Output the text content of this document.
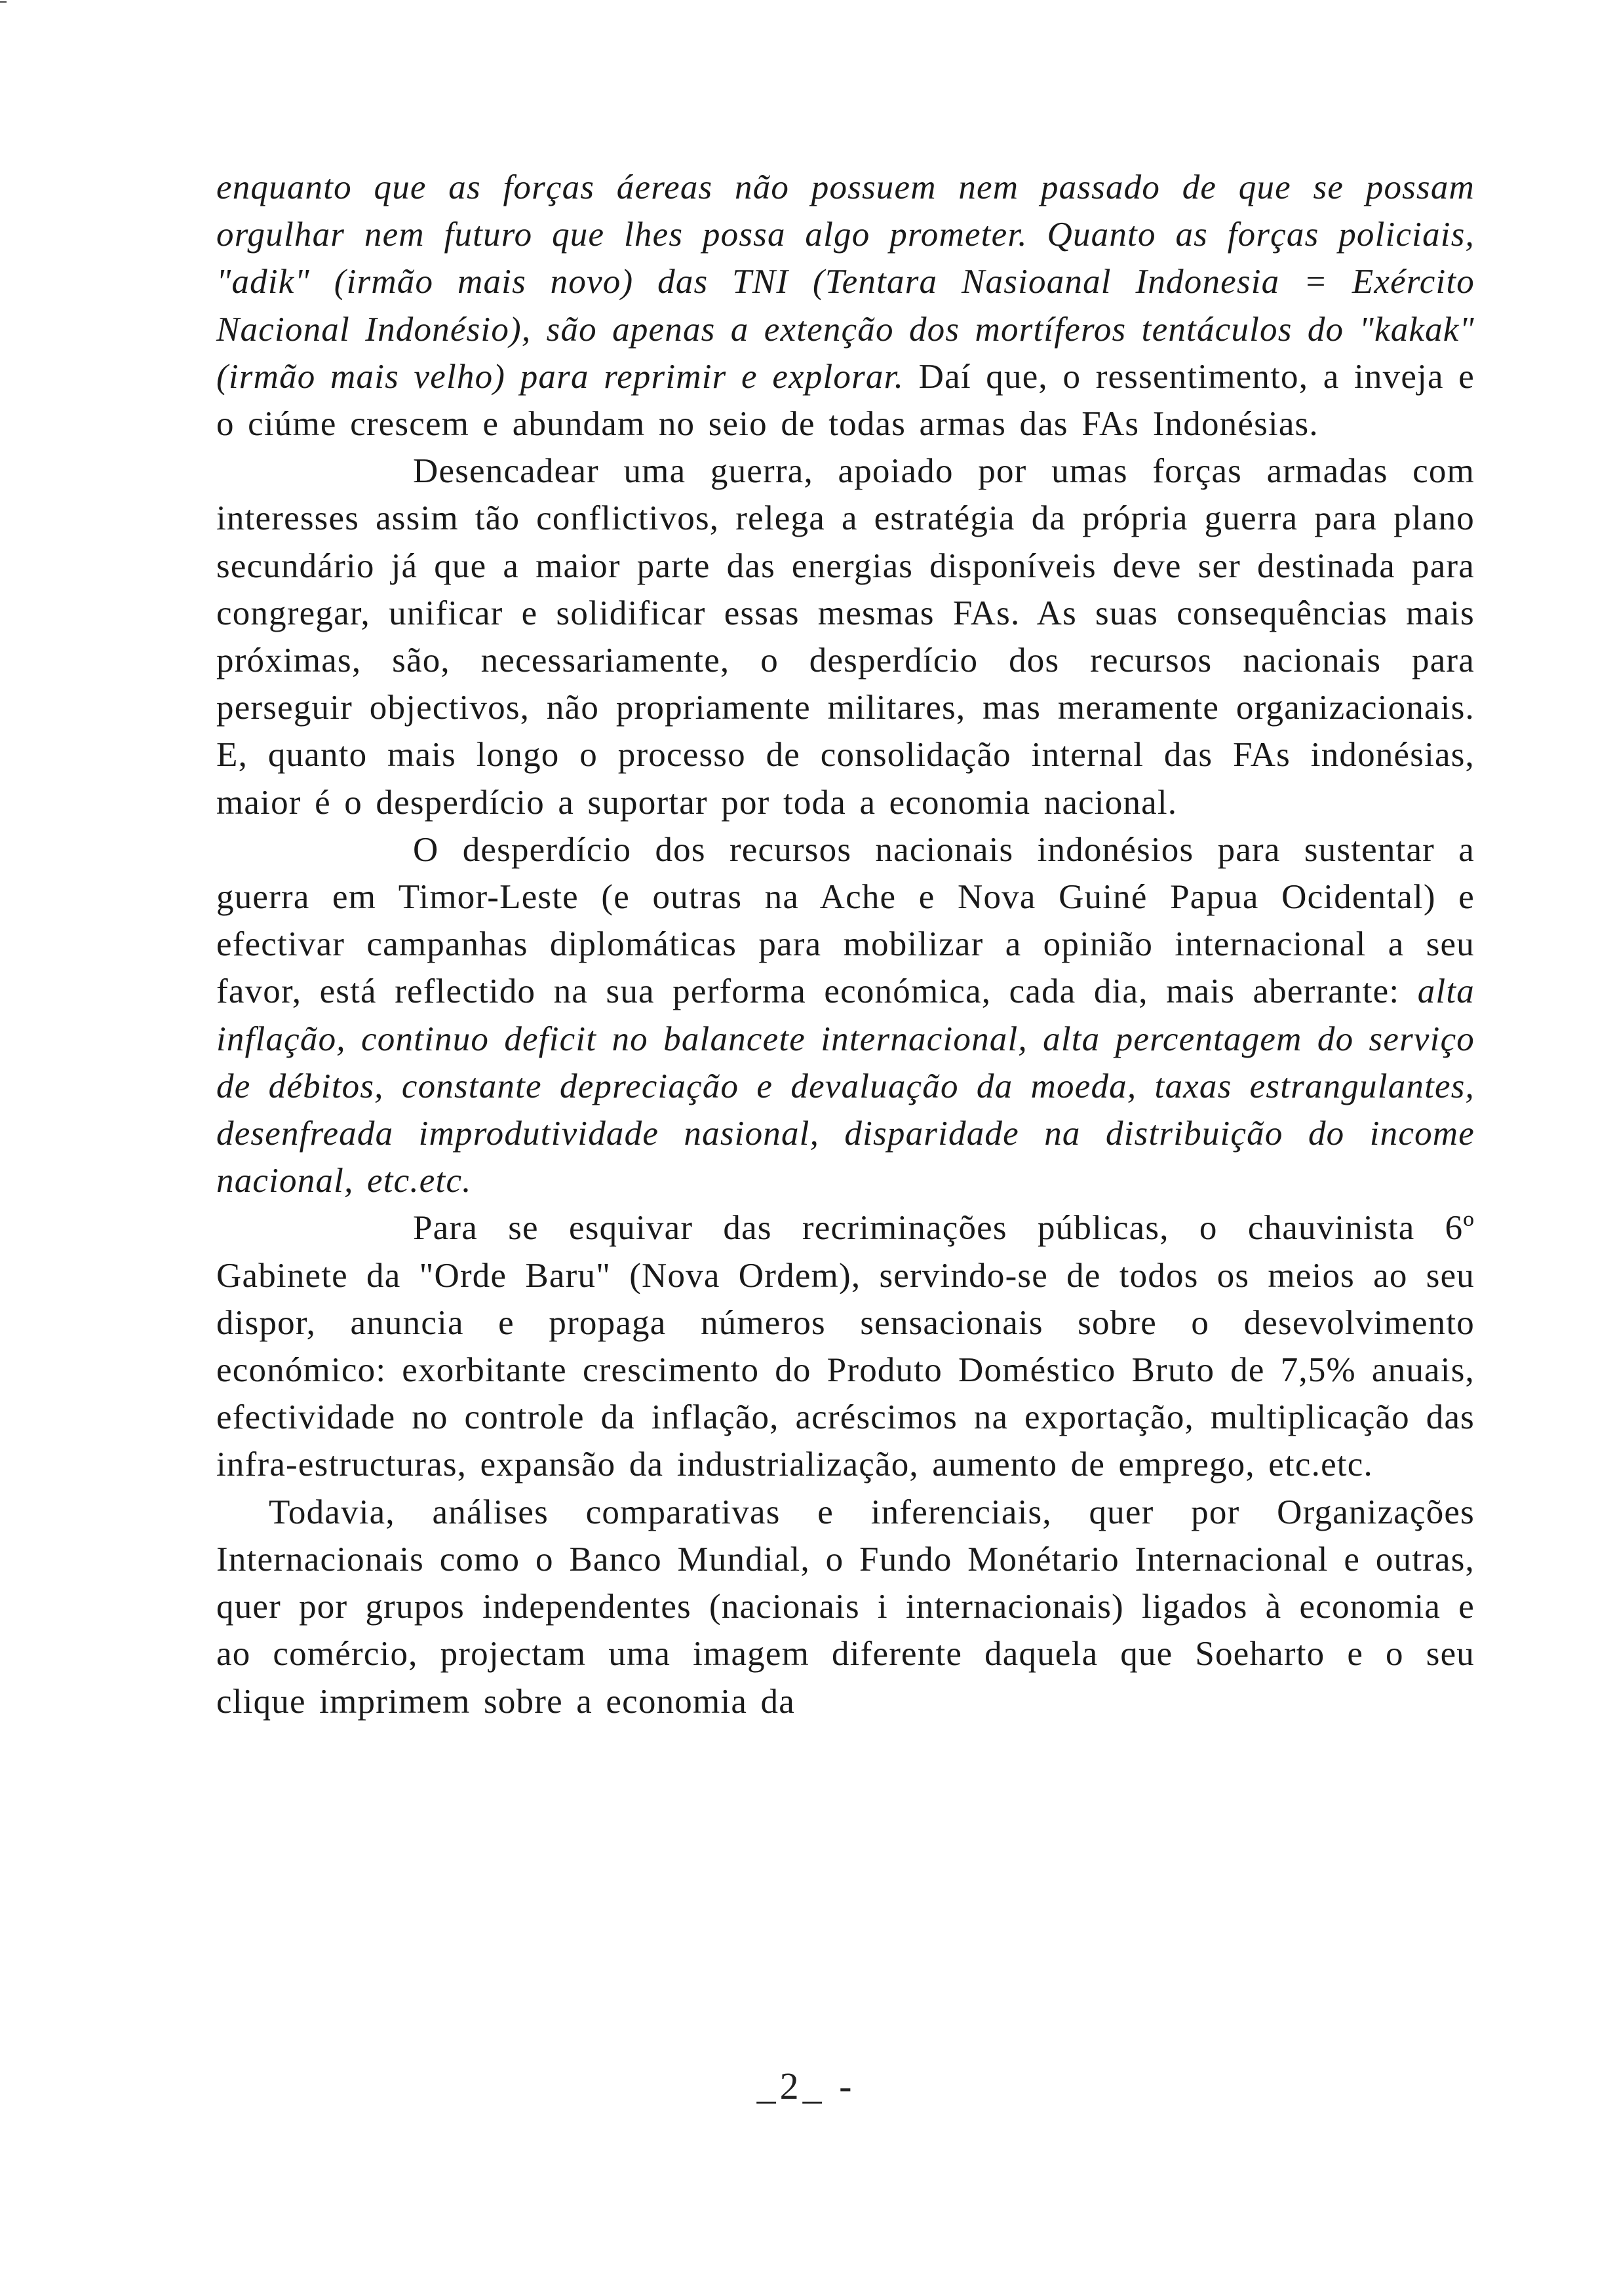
enquanto que as forças áereas não possuem nem passado de que se possam orgulhar nem futuro que lhes possa algo prometer. Quanto as forças policiais, "adik" (irmão mais novo) das TNI (Tentara Nasioanal Indonesia = Exército Nacional Indonésio), são apenas a extenção dos mortíferos tentáculos do "kakak" (irmão mais velho) para reprimir e explorar. Daí que, o ressentimento, a inveja e o ciúme crescem e abundam no seio de todas armas das FAs Indonésias.

Desencadear uma guerra, apoiado por umas forças armadas com interesses assim tão conflictivos, relega a estratégia da própria guerra para plano secundário já que a maior parte das energias disponíveis deve ser destinada para congregar, unificar e solidificar essas mesmas FAs. As suas consequências mais próximas, são, necessariamente, o desperdício dos recursos nacionais para perseguir objectivos, não propriamente militares, mas meramente organizacionais. E, quanto mais longo o processo de consolidação internal das FAs indonésias, maior é o desperdício a suportar por toda a economia nacional.

O desperdício dos recursos nacionais indonésios para sustentar a guerra em Timor-Leste (e outras na Ache e Nova Guiné Papua Ocidental) e efectivar campanhas diplomáticas para mobilizar a opinião internacional a seu favor, está reflectido na sua performa económica, cada dia, mais aberrante: alta inflação, continuo deficit no balancete internacional, alta percentagem do serviço de débitos, constante depreciação e devaluação da moeda, taxas estrangulantes, desenfreada improdutividade nasional, disparidade na distribuição do income nacional, etc.etc.

Para se esquivar das recriminações públicas, o chauvinista 6º Gabinete da "Orde Baru" (Nova Ordem), servindo-se de todos os meios ao seu dispor, anuncia e propaga números sensacionais sobre o desevolvimento económico: exorbitante crescimento do Produto Doméstico Bruto de 7,5% anuais, efectividade no controle da inflação, acréscimos na exportação, multiplicação das infra-estructuras, expansão da industrialização, aumento de emprego, etc.etc.

Todavia, análises comparativas e inferenciais, quer por Organizações Internacionais como o Banco Mundial, o Fundo Monétario Internacional e outras, quer por grupos independentes (nacionais i internacionais) ligados à economia e ao comércio, projectam uma imagem diferente daquela que Soeharto e o seu clique imprimem sobre a economia da

_2_ -
